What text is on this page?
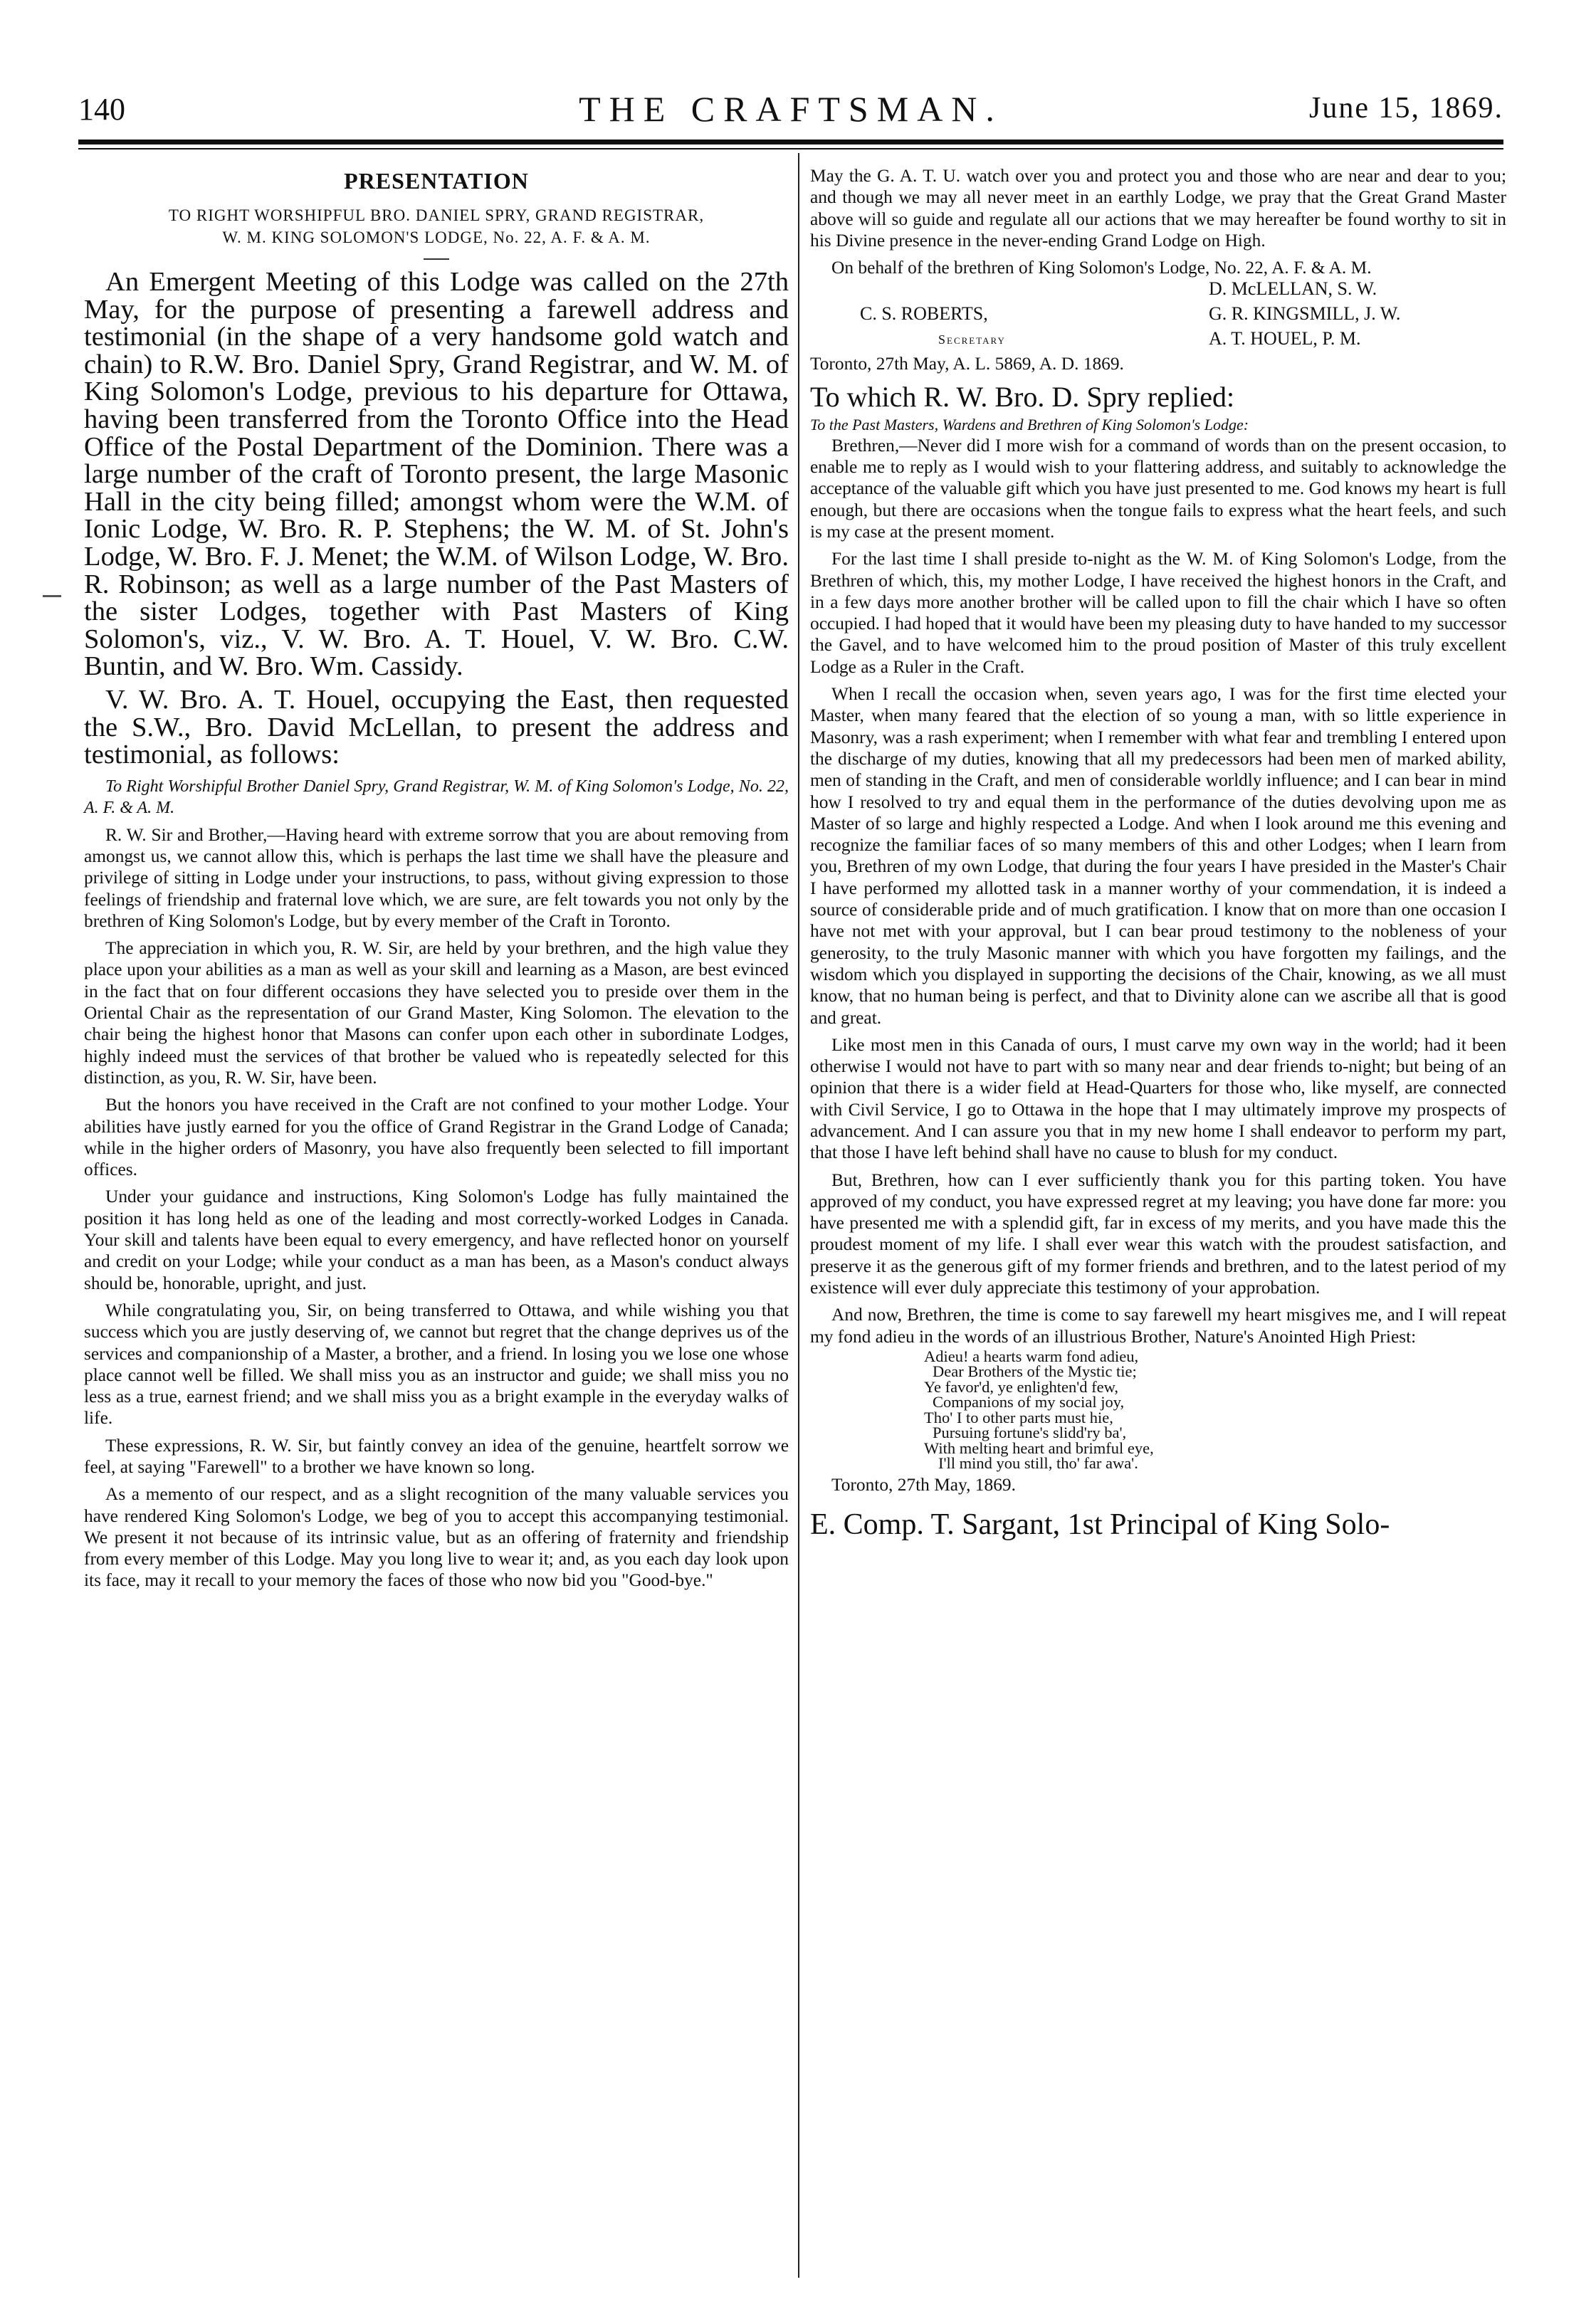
140	THE CRAFTSMAN.	June 15, 1869.
PRESENTATION
TO RIGHT WORSHIPFUL BRO. DANIEL SPRY, GRAND REGISTRAR,
W. M. KING SOLOMON'S LODGE, No. 22, A. F. & A. M.

An Emergent Meeting of this Lodge was called on the 27th May, for the purpose of presenting a farewell address and testimonial (in the shape of a very handsome gold watch and chain) to R.W. Bro. Daniel Spry, Grand Registrar, and W. M. of King Solomon's Lodge, previous to his departure for Ottawa, having been transferred from the Toronto Office into the Head Office of the Postal Department of the Dominion. There was a large number of the craft of Toronto present, the large Masonic Hall in the city being filled; amongst whom were the W.M. of Ionic Lodge, W. Bro. R. P. Stephens; the W. M. of St. John's Lodge, W. Bro. F. J. Menet; the W.M. of Wilson Lodge, W. Bro. R. Robinson; as well as a large number of the Past Masters of the sister Lodges, together with Past Masters of King Solomon's, viz., V. W. Bro. A. T. Houel, V. W. Bro. C.W. Buntin, and W. Bro. Wm. Cassidy.

V. W. Bro. A. T. Houel, occupying the East, then requested the S.W., Bro. David McLellan, to present the address and testimonial, as follows:

To Right Worshipful Brother Daniel Spry, Grand Registrar, W. M. of King Solomon's Lodge, No. 22, A. F. & A. M.

R. W. Sir and Brother,—Having heard with extreme sorrow that you are about removing from amongst us, we cannot allow this, which is perhaps the last time we shall have the pleasure and privilege of sitting in Lodge under your instructions, to pass, without giving expression to those feelings of friendship and fraternal love which, we are sure, are felt towards you not only by the brethren of King Solomon's Lodge, but by every member of the Craft in Toronto.

The appreciation in which you, R. W. Sir, are held by your brethren, and the high value they place upon your abilities as a man as well as your skill and learning as a Mason, are best evinced in the fact that on four different occasions they have selected you to preside over them in the Oriental Chair as the representation of our Grand Master, King Solomon. The elevation to the chair being the highest honor that Masons can confer upon each other in subordinate Lodges, highly indeed must the services of that brother be valued who is repeatedly selected for this distinction, as you, R. W. Sir, have been.

But the honors you have received in the Craft are not confined to your mother Lodge. Your abilities have justly earned for you the office of Grand Registrar in the Grand Lodge of Canada; while in the higher orders of Masonry, you have also frequently been selected to fill important offices.

Under your guidance and instructions, King Solomon's Lodge has fully maintained the position it has long held as one of the leading and most correctly-worked Lodges in Canada. Your skill and talents have been equal to every emergency, and have reflected honor on yourself and credit on your Lodge; while your conduct as a man has been, as a Mason's conduct always should be, honorable, upright, and just.

While congratulating you, Sir, on being transferred to Ottawa, and while wishing you that success which you are justly deserving of, we cannot but regret that the change deprives us of the services and companionship of a Master, a brother, and a friend. In losing you we lose one whose place cannot well be filled. We shall miss you as an instructor and guide; we shall miss you no less as a true, earnest friend; and we shall miss you as a bright example in the everyday walks of life.

These expressions, R. W. Sir, but faintly convey an idea of the genuine, heartfelt sorrow we feel, at saying "Farewell" to a brother we have known so long.

As a memento of our respect, and as a slight recognition of the many valuable services you have rendered King Solomon's Lodge, we beg of you to accept this accompanying testimonial. We present it not because of its intrinsic value, but as an offering of fraternity and friendship from every member of this Lodge. May you long live to wear it; and, as you each day look upon its face, may it recall to your memory the faces of those who now bid you "Good-bye."

May the G. A. T. U. watch over you and protect you and those who are near and dear to you; and though we may all never meet in an earthly Lodge, we pray that the Great Grand Master above will so guide and regulate all our actions that we may hereafter be found worthy to sit in his Divine presence in the never-ending Grand Lodge on High.

On behalf of the brethren of King Solomon's Lodge, No. 22, A. F. & A. M.

D. McLELLAN, S. W.
C. S. ROBERTS,	G. R. KINGSMILL, J. W.
Secretary	A. T. HOUEL, P. M.

Toronto, 27th May, A. L. 5869, A. D. 1869.

To which R. W. Bro. D. Spry replied:

To the Past Masters, Wardens and Brethren of King Solomon's Lodge:

Brethren,—Never did I more wish for a command of words than on the present occasion, to enable me to reply as I would wish to your flattering address, and suitably to acknowledge the acceptance of the valuable gift which you have just presented to me. God knows my heart is full enough, but there are occasions when the tongue fails to express what the heart feels, and such is my case at the present moment.

For the last time I shall preside to-night as the W. M. of King Solomon's Lodge, from the Brethren of which, this, my mother Lodge, I have received the highest honors in the Craft, and in a few days more another brother will be called upon to fill the chair which I have so often occupied. I had hoped that it would have been my pleasing duty to have handed to my successor the Gavel, and to have welcomed him to the proud position of Master of this truly excellent Lodge as a Ruler in the Craft.

When I recall the occasion when, seven years ago, I was for the first time elected your Master, when many feared that the election of so young a man, with so little experience in Masonry, was a rash experiment; when I remember with what fear and trembling I entered upon the discharge of my duties, knowing that all my predecessors had been men of marked ability, men of standing in the Craft, and men of considerable worldly influence; and I can bear in mind how I resolved to try and equal them in the performance of the duties devolving upon me as Master of so large and highly respected a Lodge. And when I look around me this evening and recognize the familiar faces of so many members of this and other Lodges; when I learn from you, Brethren of my own Lodge, that during the four years I have presided in the Master's Chair I have performed my allotted task in a manner worthy of your commendation, it is indeed a source of considerable pride and of much gratification. I know that on more than one occasion I have not met with your approval, but I can bear proud testimony to the nobleness of your generosity, to the truly Masonic manner with which you have forgotten my failings, and the wisdom which you displayed in supporting the decisions of the Chair, knowing, as we all must know, that no human being is perfect, and that to Divinity alone can we ascribe all that is good and great.

Like most men in this Canada of ours, I must carve my own way in the world; had it been otherwise I would not have to part with so many near and dear friends to-night; but being of an opinion that there is a wider field at Head-Quarters for those who, like myself, are connected with Civil Service, I go to Ottawa in the hope that I may ultimately improve my prospects of advancement. And I can assure you that in my new home I shall endeavor to perform my part, that those I have left behind shall have no cause to blush for my conduct.

But, Brethren, how can I ever sufficiently thank you for this parting token. You have approved of my conduct, you have expressed regret at my leaving; you have done far more: you have presented me with a splendid gift, far in excess of my merits, and you have made this the proudest moment of my life. I shall ever wear this watch with the proudest satisfaction, and preserve it as the generous gift of my former friends and brethren, and to the latest period of my existence will ever duly appreciate this testimony of your approbation.

And now, Brethren, the time is come to say farewell my heart misgives me, and I will repeat my fond adieu in the words of an illustrious Brother, Nature's Anointed High Priest:

Adieu! a hearts warm fond adieu,
Dear Brothers of the Mystic tie;
Ye favor'd, ye enlighten'd few,
Companions of my social joy,
Tho' I to other parts must hie,
Pursuing fortune's slidd'ry ba',
With melting heart and brimful eye,
I'll mind you still, tho' far awa'.

Toronto, 27th May, 1869.

E. Comp. T. Sargant, 1st Principal of King Solo-
